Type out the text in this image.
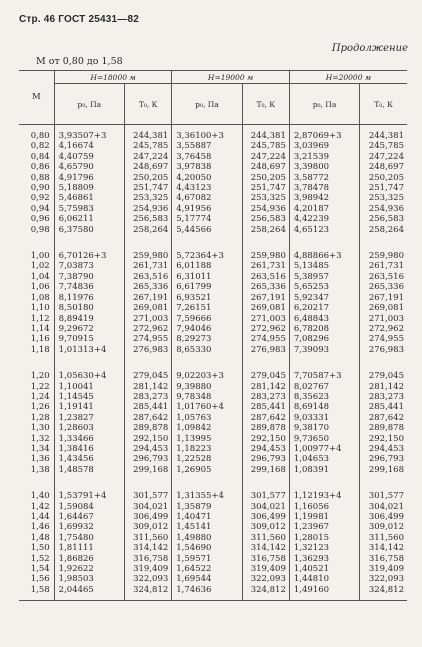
Стр. 46 ГОСТ 25431—82
Продолжение
M от 0,80 до 1,58
M	H=18000 м		H=19000 м		H=20000 м	
	p₀, Па	T₀, К	p₀, Па	T₀, К	p₀, Па	T₀, К

0,80	3,93507+3	244,381	3,36100+3	244,381	2,87069+3	244,381
0,82	4,16674	245,785	3,55887	245,785	3,03969	245,785
0,84	4,40759	247,224	3,76458	247,224	3,21539	247,224
0,86	4,65790	248,697	3,97838	248,697	3,39800	248,697
0,88	4,91796	250,205	4,20050	250,205	3,58772	250,205
0,90	5,18809	251,747	4,43123	251,747	3,78478	251,747
0,92	5,46861	253,325	4,67082	253,325	3,98942	253,325
0,94	5,75983	254,936	4,91956	254,936	4,20187	254,936
0,96	6,06211	256,583	5,17774	256,583	4,42239	256,583
0,98	6,37580	258,264	5,44566	258,264	4,65123	258,264

1,00	6,70126+3	259,980	5,72364+3	259,980	4,88866+3	259,980
1,02	7,03873	261,731	6,01188	261,731	5,13485	261,731
1,04	7,38790	263,516	6,31011	263,516	5,38957	263,516
1,06	7,74836	265,336	6,61799	265,336	5,65253	265,336
1,08	8,11976	267,191	6,93521	267,191	5,92347	267,191
1,10	8,50180	269,081	7,26151	269,081	6,20217	269,081
1,12	8,89419	271,003	7,59666	271,003	6,48843	271,003
1,14	9,29672	272,962	7,94046	272,962	6,78208	272,962
1,16	9,70915	274,955	8,29273	274,955	7,08296	274,955
1,18	1,01313+4	276,983	8,65330	276,983	7,39093	276,983

1,20	1,05630+4	279,045	9,02203+3	279,045	7,70587+3	279,045
1,22	1,10041	281,142	9,39880	281,142	8,02767	281,142
1,24	1,14545	283,273	9,78348	283,273	8,35623	283,273
1,26	1,19141	285,441	1,01760+4	285,441	8,69148	285,441
1,28	1,23827	287,642	1,05763	287,642	9,03331	287,642
1,30	1,28603	289,878	1,09842	289,878	9,38170	289,878
1,32	1,33466	292,150	1,13995	292,150	9,73650	292,150
1,34	1,38416	294,453	1,18223	294,453	1,00977+4	294,453
1,36	1,43456	296,793	1,22528	296,793	1,04653	296,793
1,38	1,48578	299,168	1,26905	299,168	1,08391	299,168

1,40	1,53791+4	301,577	1,31355+4	301,577	1,12193+4	301,577
1,42	1,59084	304,021	1,35879	304,021	1,16056	304,021
1,44	1,64467	306,499	1,40471	306,499	1,19981	306,499
1,46	1,69932	309,012	1,45141	309,012	1,23967	309,012
1,48	1,75480	311,560	1,49880	311,560	1,28015	311,560
1,50	1,81111	314,142	1,54690	314,142	1,32123	314,142
1,52	1,86826	316,758	1,59571	316,758	1,36293	316,758
1,54	1,92622	319,409	1,64522	319,409	1,40521	319,409
1,56	1,98503	322,093	1,69544	322,093	1,44810	322,093
1,58	2,04465	324,812	1,74636	324,812	1,49160	324,812
